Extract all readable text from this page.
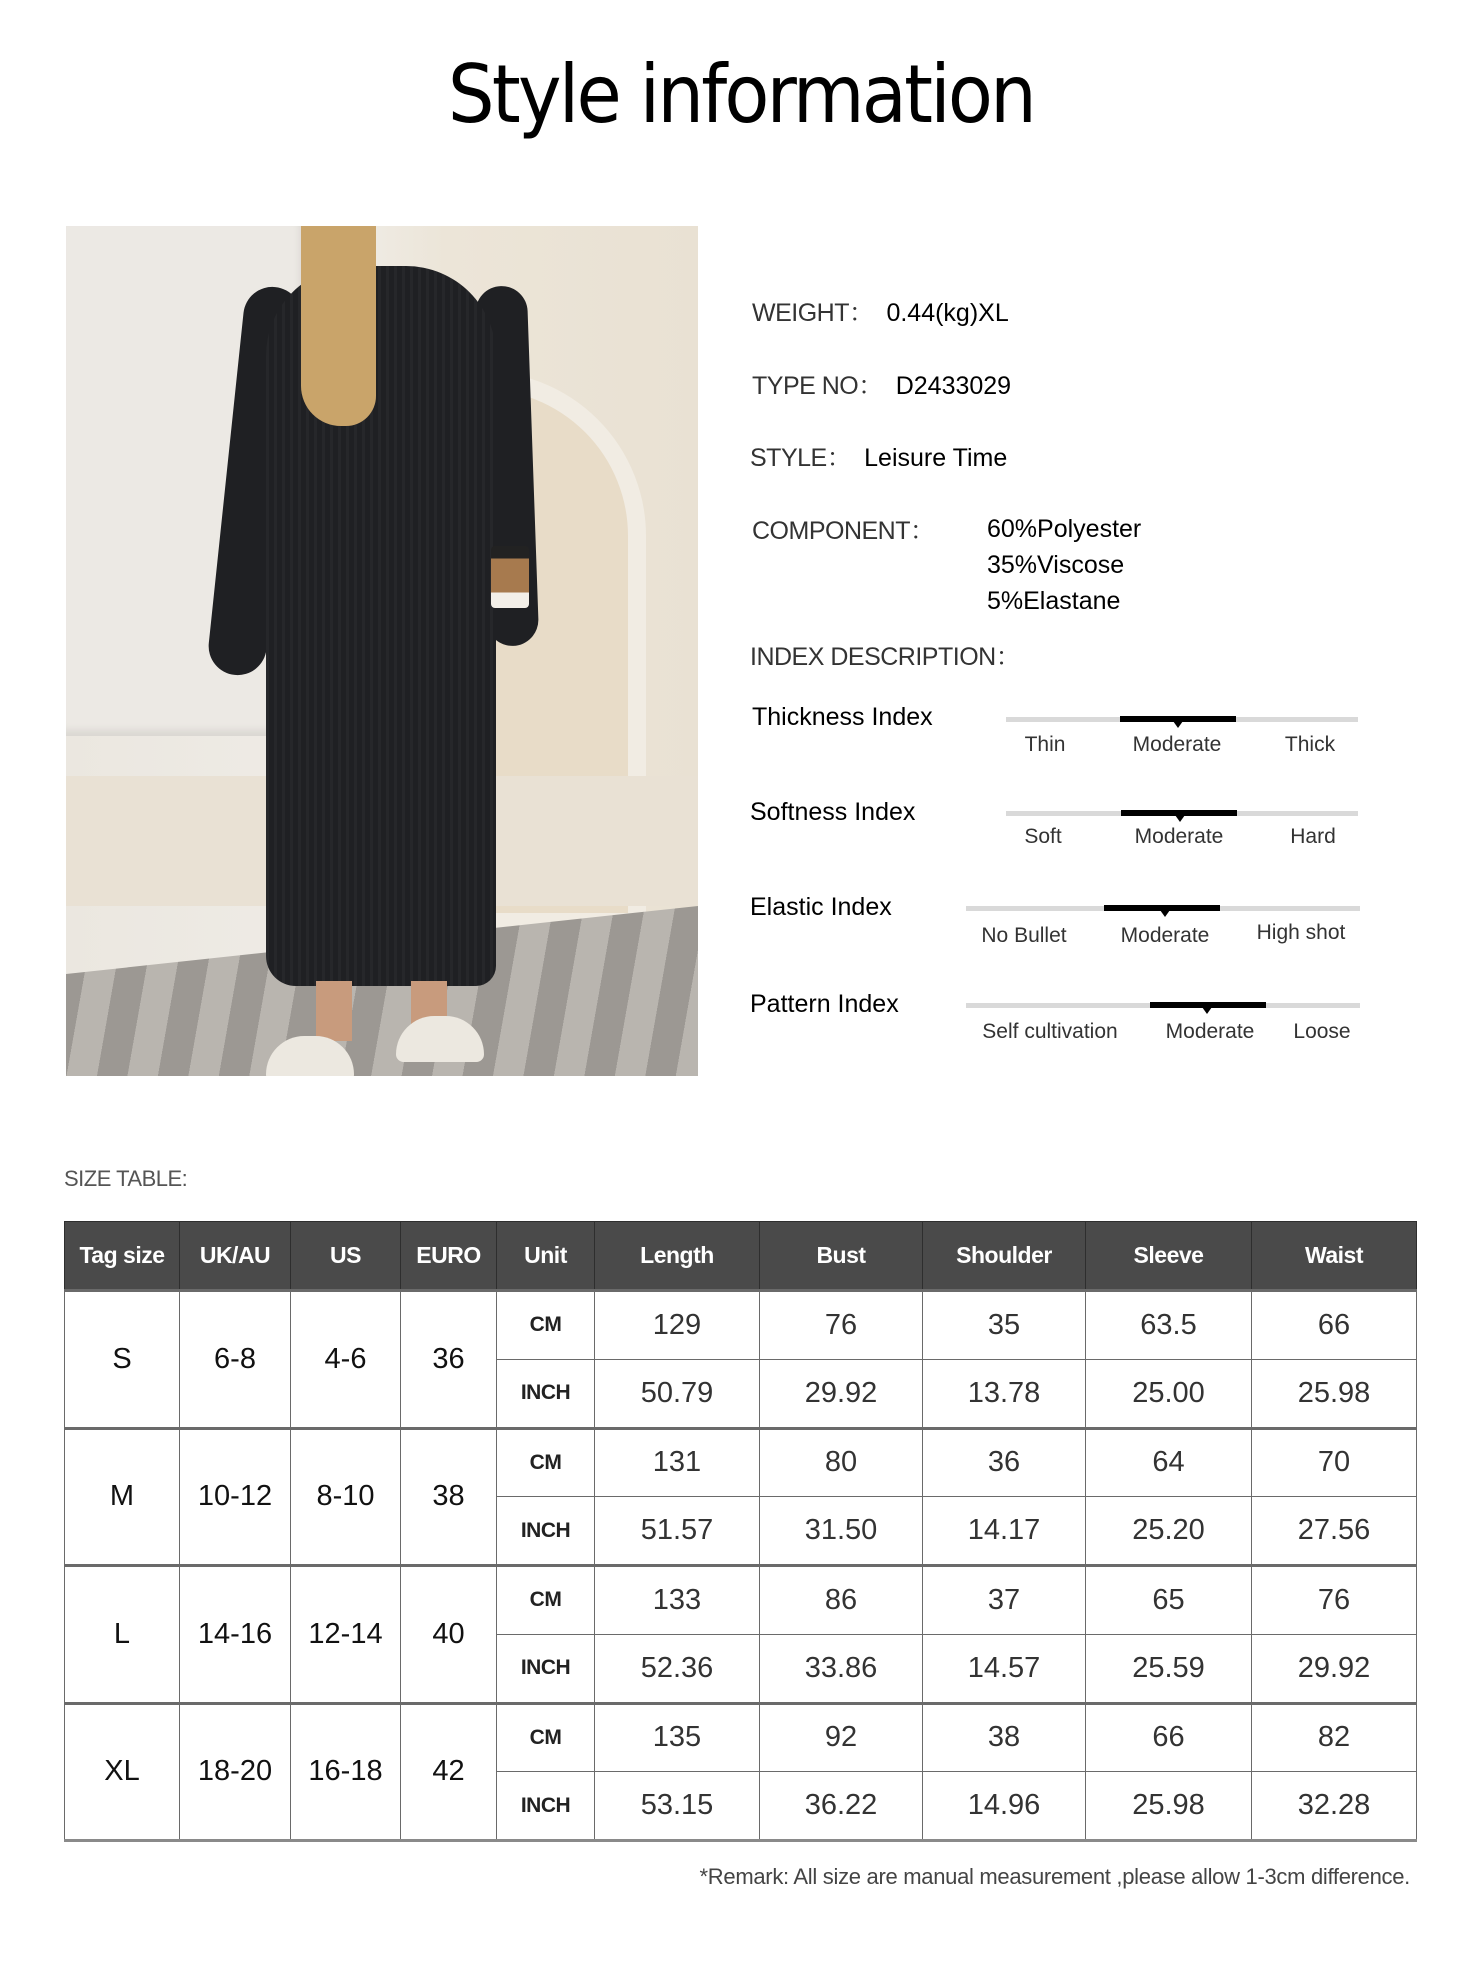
Style information
WEIGHT： 0.44(kg)XL
TYPE NO： D2433029
STYLE： Leisure Time
COMPONENT： 60%Polyester
35%Viscose
5%Elastane
INDEX DESCRIPTION：
Thickness Index
Thin	Moderate	Thick
Softness Index
Soft	Moderate	Hard
Elastic Index
No Bullet	Moderate	High shot
Pattern Index
Self cultivation	Moderate	Loose
SIZE TABLE:
Tag size	UK/AU	US	EURO	Unit	Length	Bust	Shoulder	Sleeve	Waist
S	6-8	4-6	36	CM	129	76	35	63.5	66
				INCH	50.79	29.92	13.78	25.00	25.98
M	10-12	8-10	38	CM	131	80	36	64	70
				INCH	51.57	31.50	14.17	25.20	27.56
L	14-16	12-14	40	CM	133	86	37	65	76
				INCH	52.36	33.86	14.57	25.59	29.92
XL	18-20	16-18	42	CM	135	92	38	66	82
				INCH	53.15	36.22	14.96	25.98	32.28
*Remark: All size are manual measurement ,please allow 1-3cm difference.
